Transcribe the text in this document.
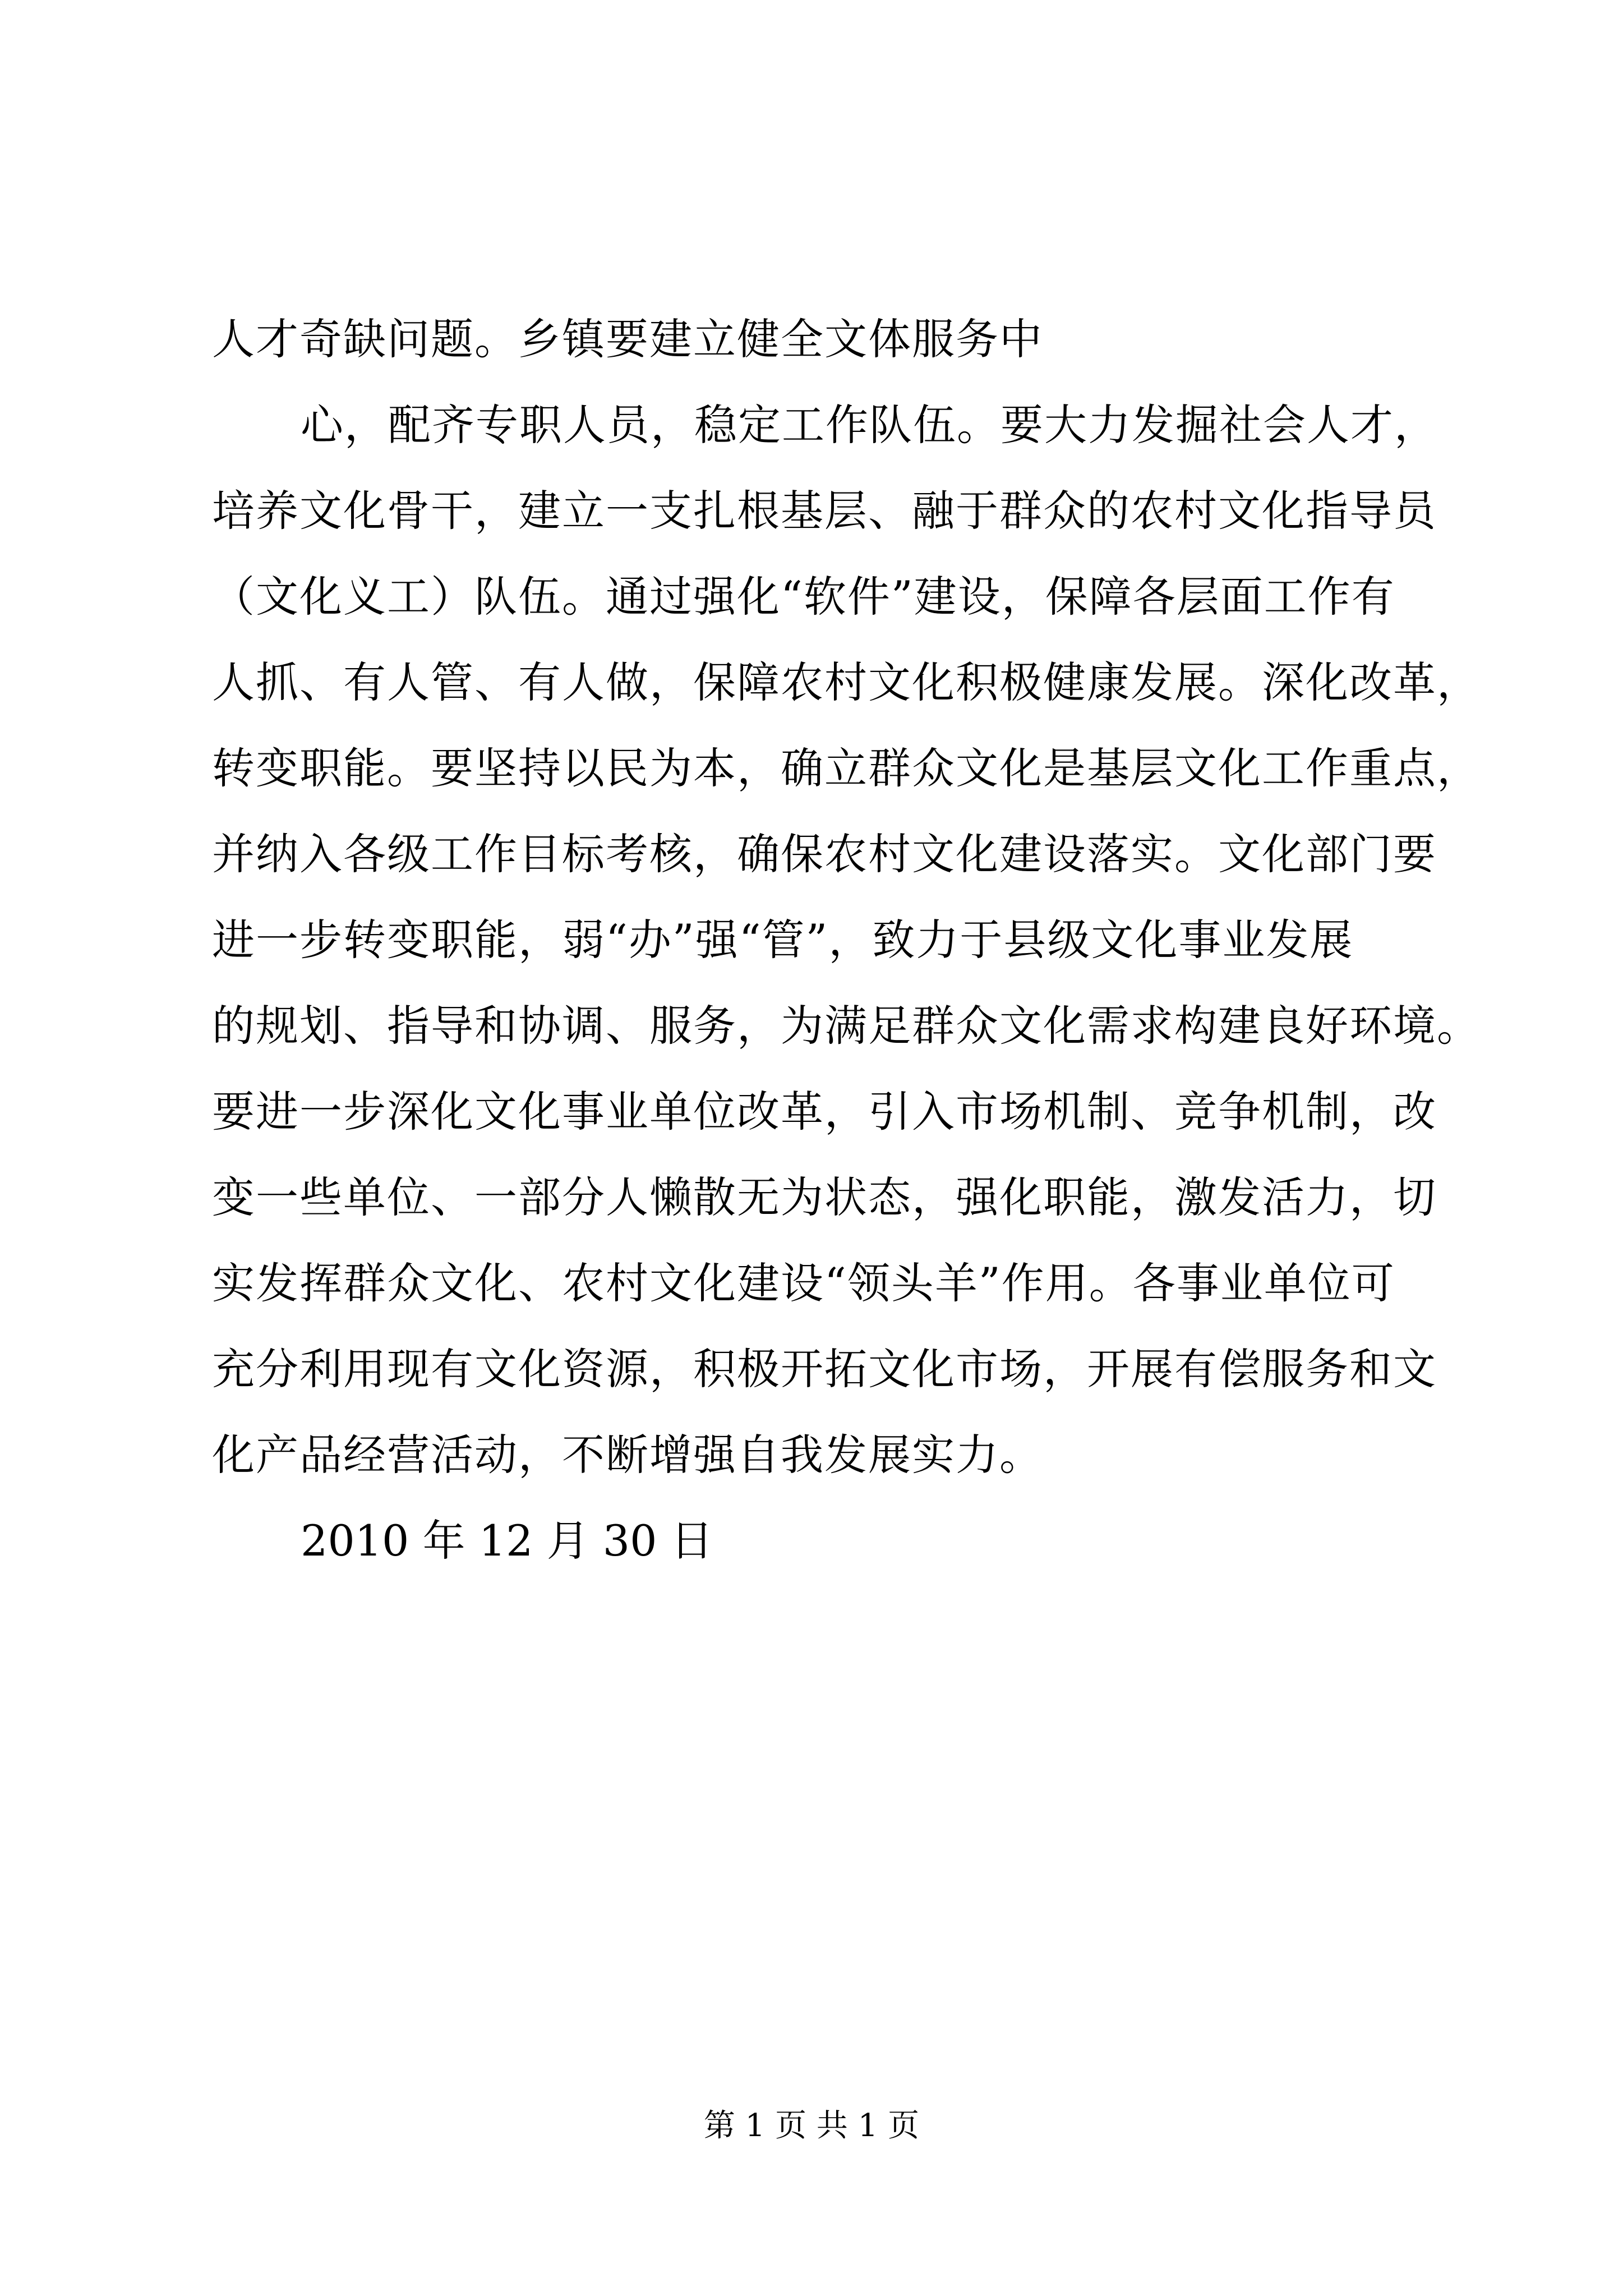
人才奇缺问题。乡镇要建立健全文体服务中

心，配齐专职人员，稳定工作队伍。要大力发掘社会人才，

培养文化骨干，建立一支扎根基层、融于群众的农村文化指导员

（文化义工）队伍。通过强化“软件”建设，保障各层面工作有

人抓、有人管、有人做，保障农村文化积极健康发展。深化改革，

转变职能。要坚持以民为本，确立群众文化是基层文化工作重点，

并纳入各级工作目标考核，确保农村文化建设落实。文化部门要

进一步转变职能，弱“办”强“管”，致力于县级文化事业发展

的规划、指导和协调、服务，为满足群众文化需求构建良好环境。

要进一步深化文化事业单位改革，引入市场机制、竞争机制，改

变一些单位、一部分人懒散无为状态，强化职能，激发活力，切

实发挥群众文化、农村文化建设“领头羊”作用。各事业单位可

充分利用现有文化资源，积极开拓文化市场，开展有偿服务和文

化产品经营活动，不断增强自我发展实力。

2010 年 12 月 30 日

第 1 页 共 1 页
